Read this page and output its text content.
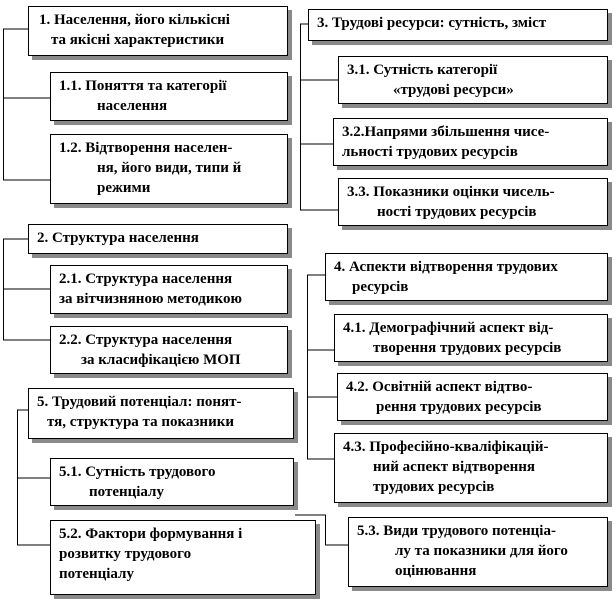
1. Населення, його кількісні
та якісні характеристики
1.1. Поняття та категорії
населення
1.2. Відтворення населен-
ня, його види, типи й
режими
2. Структура населення
2.1. Структура населення
за вітчизняною методикою
2.2. Структура населення
за класифікацією МОП
5. Трудовий потенціал: понят-
тя, структура та показники
5.1. Сутність трудового
потенціалу
5.2. Фактори формування і
розвитку трудового
потенціалу
3. Трудові ресурси: сутність, зміст
3.1. Сутність категорії
«трудові ресурси»
3.2.Напрями збільшення чисе-
льності трудових ресурсів
3.3. Показники оцінки чисель-
ності трудових ресурсів
4. Аспекти відтворення трудових
ресурсів
4.1. Демографічний аспект від-
творення трудових ресурсів
4.2. Освітній аспект відтво-
рення трудових ресурсів
4.3. Професійно-кваліфікацій-
ний аспект відтворення
трудових ресурсів
5.3. Види трудового потенціа-
лу та показники для його
оцінювання
